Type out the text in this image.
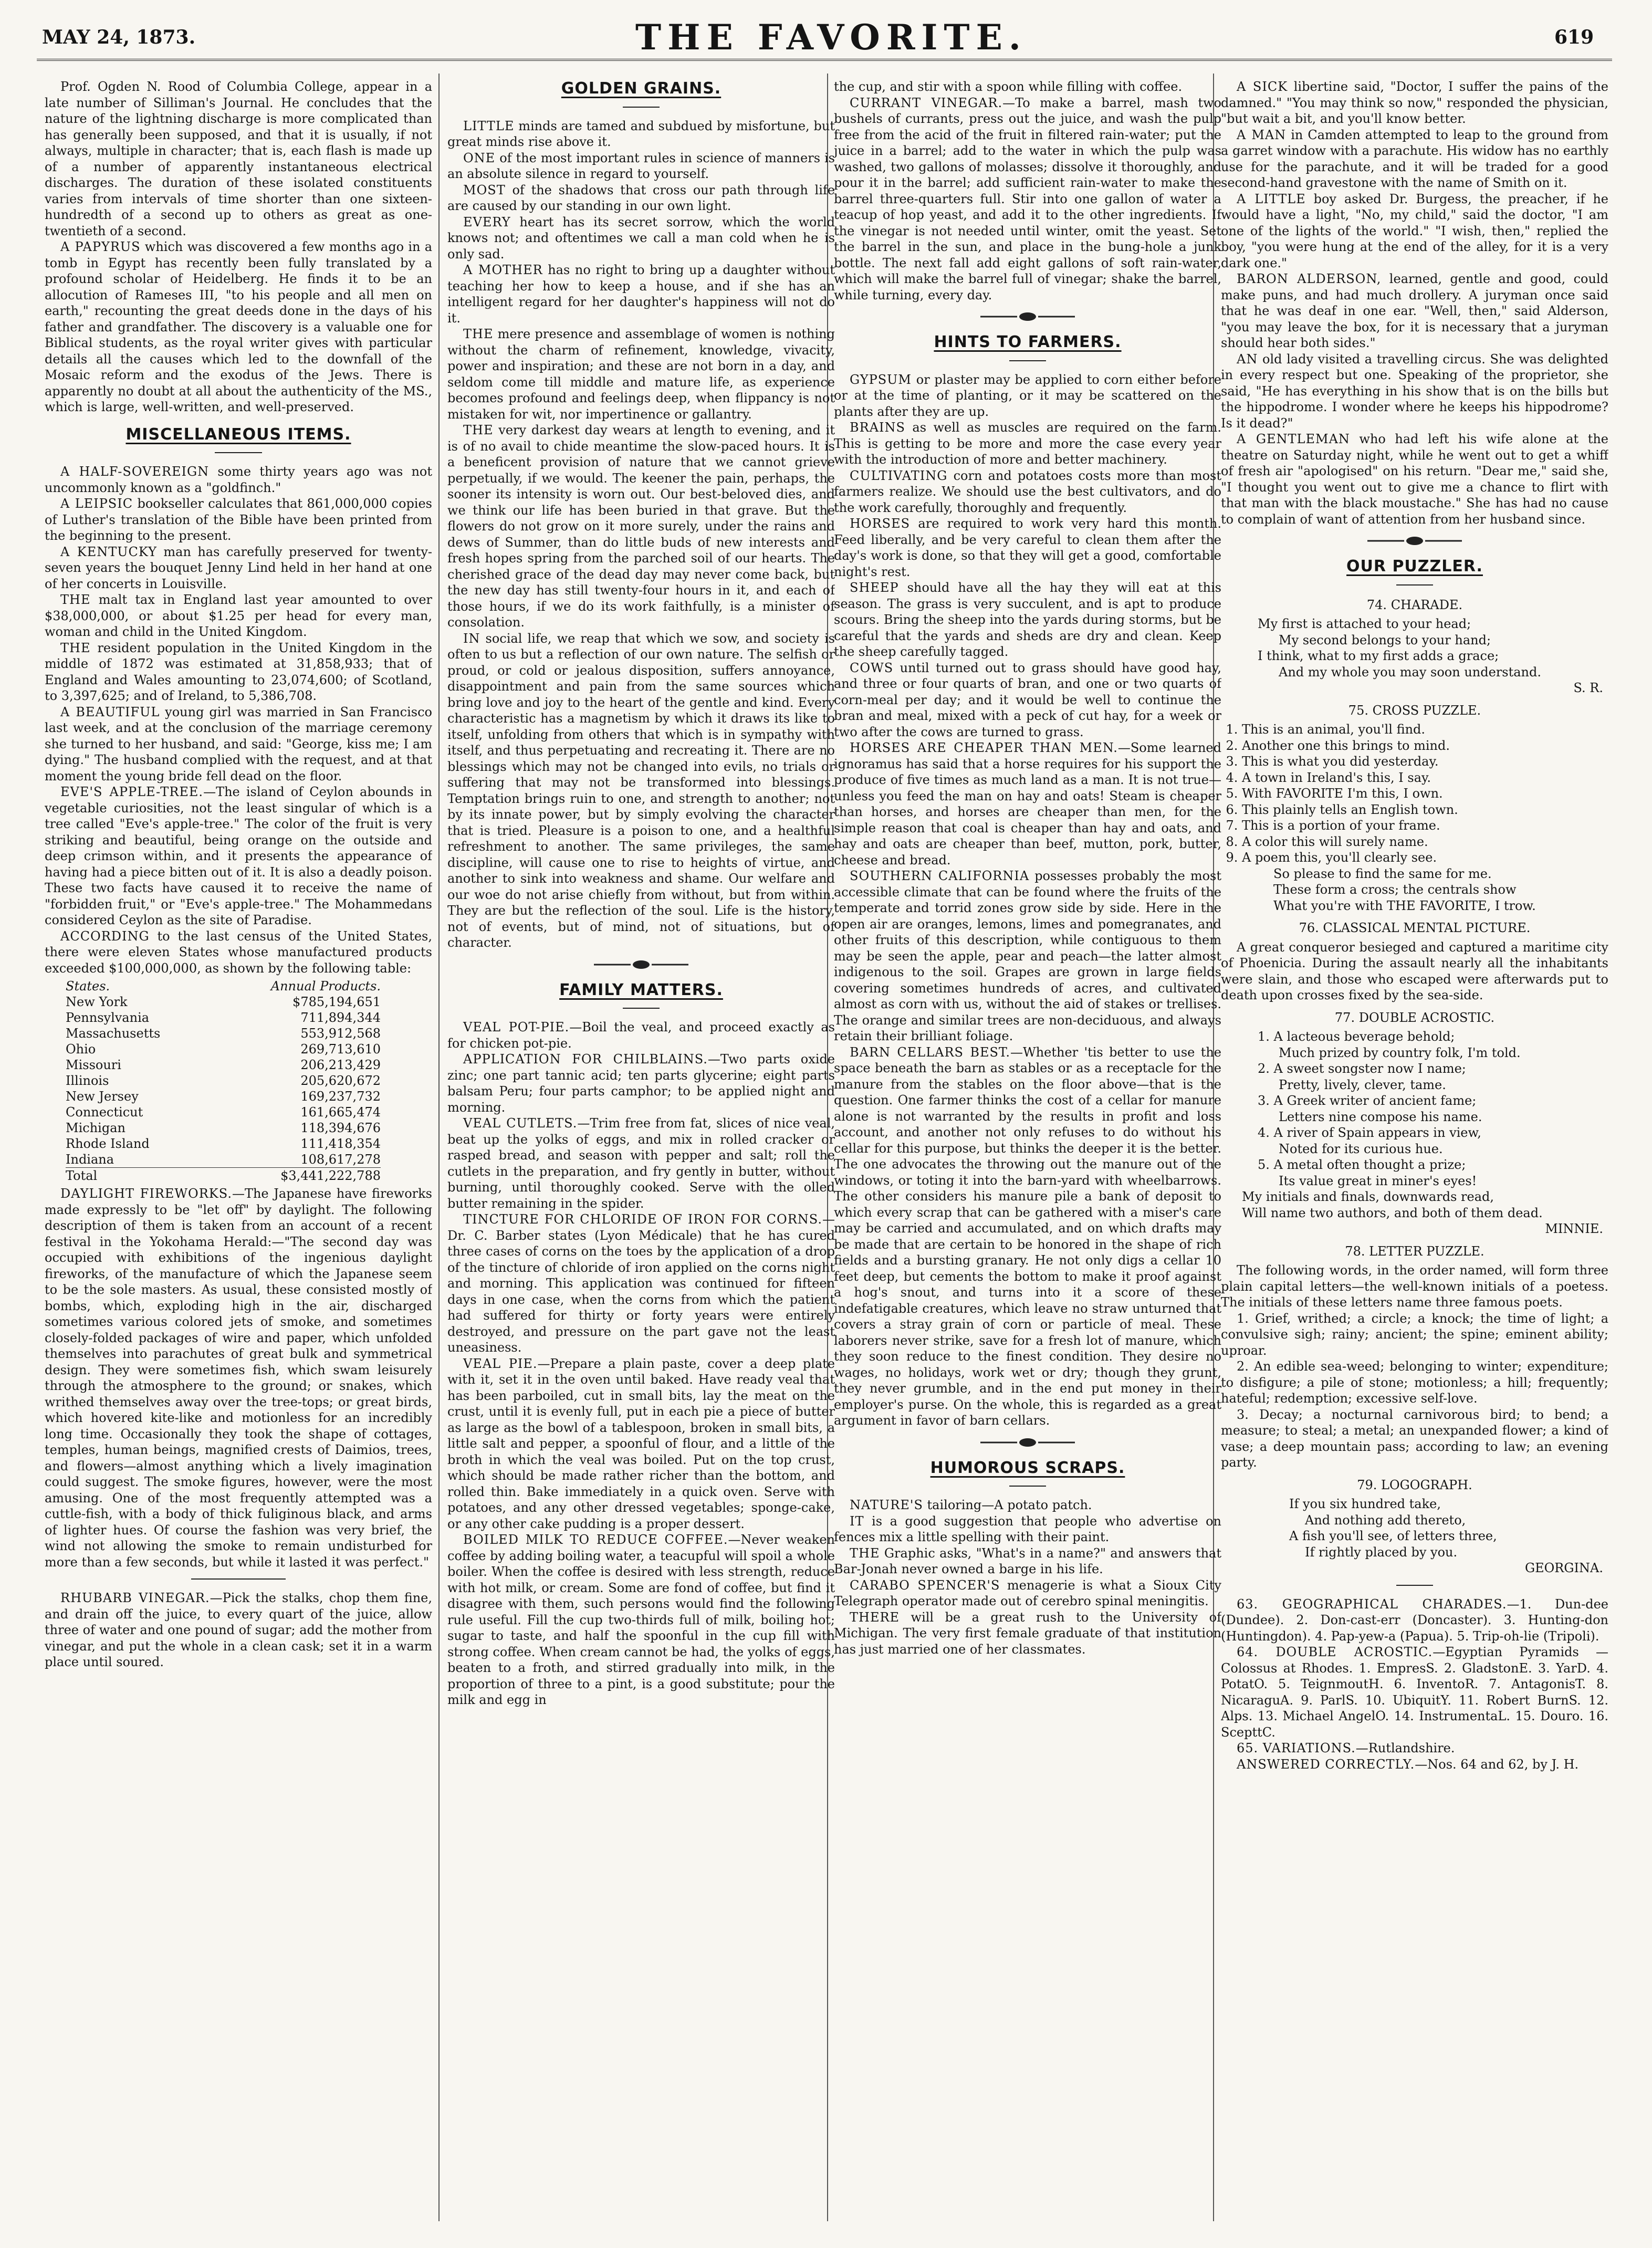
MAY 24, 1873.	THE FAVORITE.	619

Prof. Ogden N. Rood of Columbia College, appear in a late number of Silliman's Journal. He concludes that the nature of the lightning discharge is more complicated than has generally been supposed, and that it is usually, if not always, multiple in character; that is, each flash is made up of a number of apparently instantaneous electrical discharges. The duration of these isolated constituents varies from intervals of time shorter than one sixteen-hundredth of a second up to others as great as one-twentieth of a second.

A PAPYRUS which was discovered a few months ago in a tomb in Egypt has recently been fully translated by a profound scholar of Heidelberg. He finds it to be an allocution of Rameses III, "to his people and all men on earth," recounting the great deeds done in the days of his father and grandfather. The discovery is a valuable one for Biblical students, as the royal writer gives with particular details all the causes which led to the downfall of the Mosaic reform and the exodus of the Jews. There is apparently no doubt at all about the authenticity of the MS., which is large, well-written, and well-preserved.

MISCELLANEOUS ITEMS.

A HALF-SOVEREIGN some thirty years ago was not uncommonly known as a "goldfinch."

A LEIPSIC bookseller calculates that 861,000,000 copies of Luther's translation of the Bible have been printed from the beginning to the present.

A KENTUCKY man has carefully preserved for twenty-seven years the bouquet Jenny Lind held in her hand at one of her concerts in Louisville.

THE malt tax in England last year amounted to over $38,000,000, or about $1.25 per head for every man, woman and child in the United Kingdom.

THE resident population in the United Kingdom in the middle of 1872 was estimated at 31,858,933; that of England and Wales amounting to 23,074,600; of Scotland, to 3,397,625; and of Ireland, to 5,386,708.

A BEAUTIFUL young girl was married in San Francisco last week, and at the conclusion of the marriage ceremony she turned to her husband, and said: "George, kiss me; I am dying." The husband complied with the request, and at that moment the young bride fell dead on the floor.

EVE'S APPLE-TREE.—The island of Ceylon abounds in vegetable curiosities, not the least singular of which is a tree called "Eve's apple-tree." The color of the fruit is very striking and beautiful, being orange on the outside and deep crimson within, and it presents the appearance of having had a piece bitten out of it. It is also a deadly poison. These two facts have caused it to receive the name of "forbidden fruit," or "Eve's apple-tree." The Mohammedans considered Ceylon as the site of Paradise.

ACCORDING to the last census of the United States, there were eleven States whose manufactured products exceeded $100,000,000, as shown by the following table:

States.	Annual Products.
New York	$785,194,651
Pennsylvania	711,894,344
Massachusetts	553,912,568
Ohio	269,713,610
Missouri	206,213,429
Illinois	205,620,672
New Jersey	169,237,732
Connecticut	161,665,474
Michigan	118,394,676
Rhode Island	111,418,354
Indiana	108,617,278
Total	$3,441,222,788

DAYLIGHT FIREWORKS.—The Japanese have fireworks made expressly to be "let off" by daylight. The following description of them is taken from an account of a recent festival in the Yokohama Herald:—"The second day was occupied with exhibitions of the ingenious daylight fireworks, of the manufacture of which the Japanese seem to be the sole masters. As usual, these consisted mostly of bombs, which, exploding high in the air, discharged sometimes various colored jets of smoke, and sometimes closely-folded packages of wire and paper, which unfolded themselves into parachutes of great bulk and symmetrical design. They were sometimes fish, which swam leisurely through the atmosphere to the ground; or snakes, which writhed themselves away over the tree-tops; or great birds, which hovered kite-like and motionless for an incredibly long time. Occasionally they took the shape of cottages, temples, human beings, magnified crests of Daimios, trees, and flowers—almost anything which a lively imagination could suggest. The smoke figures, however, were the most amusing. One of the most frequently attempted was a cuttle-fish, with a body of thick fuliginous black, and arms of lighter hues. Of course the fashion was very brief, the wind not allowing the smoke to remain undisturbed for more than a few seconds, but while it lasted it was perfect."

RHUBARB VINEGAR.—Pick the stalks, chop them fine, and drain off the juice, to every quart of the juice, allow three of water and one pound of sugar; add the mother from vinegar, and put the whole in a clean cask; set it in a warm place until soured.

GOLDEN GRAINS.

LITTLE minds are tamed and subdued by misfortune, but great minds rise above it.

ONE of the most important rules in science of manners is an absolute silence in regard to yourself.

MOST of the shadows that cross our path through life are caused by our standing in our own light.

EVERY heart has its secret sorrow, which the world knows not; and oftentimes we call a man cold when he is only sad.

A MOTHER has no right to bring up a daughter without teaching her how to keep a house, and if she has an intelligent regard for her daughter's happiness will not do it.

THE mere presence and assemblage of women is nothing without the charm of refinement, knowledge, vivacity, power and inspiration; and these are not born in a day, and seldom come till middle and mature life, as experience becomes profound and feelings deep, when flippancy is not mistaken for wit, nor impertinence or gallantry.

THE very darkest day wears at length to evening, and it is of no avail to chide meantime the slow-paced hours. It is a beneficent provision of nature that we cannot grieve perpetually, if we would. The keener the pain, perhaps, the sooner its intensity is worn out. Our best-beloved dies, and we think our life has been buried in that grave. But the flowers do not grow on it more surely, under the rains and dews of Summer, than do little buds of new interests and fresh hopes spring from the parched soil of our hearts. The cherished grace of the dead day may never come back, but the new day has still twenty-four hours in it, and each of those hours, if we do its work faithfully, is a minister of consolation.

IN social life, we reap that which we sow, and society is often to us but a reflection of our own nature. The selfish or proud, or cold or jealous disposition, suffers annoyance, disappointment and pain from the same sources which bring love and joy to the heart of the gentle and kind. Every characteristic has a magnetism by which it draws its like to itself, unfolding from others that which is in sympathy with itself, and thus perpetuating and recreating it. There are no blessings which may not be changed into evils, no trials or suffering that may not be transformed into blessings. Temptation brings ruin to one, and strength to another; not by its innate power, but by simply evolving the character that is tried. Pleasure is a poison to one, and a healthful refreshment to another. The same privileges, the same discipline, will cause one to rise to heights of virtue, and another to sink into weakness and shame. Our welfare and our woe do not arise chiefly from without, but from within. They are but the reflection of the soul. Life is the history, not of events, but of mind, not of situations, but of character.

FAMILY MATTERS.

VEAL POT-PIE.—Boil the veal, and proceed exactly as for chicken pot-pie.

APPLICATION FOR CHILBLAINS.—Two parts oxide zinc; one part tannic acid; ten parts glycerine; eight parts balsam Peru; four parts camphor; to be applied night and morning.

VEAL CUTLETS.—Trim free from fat, slices of nice veal, beat up the yolks of eggs, and mix in rolled cracker or rasped bread, and season with pepper and salt; roll the cutlets in the preparation, and fry gently in butter, without burning, until thoroughly cooked. Serve with the olled butter remaining in the spider.

TINCTURE FOR CHLORIDE OF IRON FOR CORNS.—Dr. C. Barber states (Lyon Médicale) that he has cured three cases of corns on the toes by the application of a drop of the tincture of chloride of iron applied on the corns night and morning. This application was continued for fifteen days in one case, when the corns from which the patient had suffered for thirty or forty years were entirely destroyed, and pressure on the part gave not the least uneasiness.

VEAL PIE.—Prepare a plain paste, cover a deep plate with it, set it in the oven until baked. Have ready veal that has been parboiled, cut in small bits, lay the meat on the crust, until it is evenly full, put in each pie a piece of butter as large as the bowl of a tablespoon, broken in small bits, a little salt and pepper, a spoonful of flour, and a little of the broth in which the veal was boiled. Put on the top crust, which should be made rather richer than the bottom, and rolled thin. Bake immediately in a quick oven. Serve with potatoes, and any other dressed vegetables; sponge-cake, or any other cake pudding is a proper dessert.

BOILED MILK TO REDUCE COFFEE.—Never weaken coffee by adding boiling water, a teacupful will spoil a whole boiler. When the coffee is desired with less strength, reduce with hot milk, or cream. Some are fond of coffee, but find it disagree with them, such persons would find the following rule useful. Fill the cup two-thirds full of milk, boiling hot; sugar to taste, and half the spoonful in the cup fill with strong coffee. When cream cannot be had, the yolks of eggs, beaten to a froth, and stirred gradually into milk, in the proportion of three to a pint, is a good substitute; pour the milk and egg in

the cup, and stir with a spoon while filling with coffee.

CURRANT VINEGAR.—To make a barrel, mash two bushels of currants, press out the juice, and wash the pulp free from the acid of the fruit in filtered rain-water; put the juice in a barrel; add to the water in which the pulp was washed, two gallons of molasses; dissolve it thoroughly, and pour it in the barrel; add sufficient rain-water to make the barrel three-quarters full. Stir into one gallon of water a teacup of hop yeast, and add it to the other ingredients. If the vinegar is not needed until winter, omit the yeast. Set the barrel in the sun, and place in the bung-hole a junk bottle. The next fall add eight gallons of soft rain-water, which will make the barrel full of vinegar; shake the barrel, while turning, every day.

HINTS TO FARMERS.

GYPSUM or plaster may be applied to corn either before or at the time of planting, or it may be scattered on the plants after they are up.

BRAINS as well as muscles are required on the farm. This is getting to be more and more the case every year with the introduction of more and better machinery.

CULTIVATING corn and potatoes costs more than most farmers realize. We should use the best cultivators, and do the work carefully, thoroughly and frequently.

HORSES are required to work very hard this month. Feed liberally, and be very careful to clean them after the day's work is done, so that they will get a good, comfortable night's rest.

SHEEP should have all the hay they will eat at this season. The grass is very succulent, and is apt to produce scours. Bring the sheep into the yards during storms, but be careful that the yards and sheds are dry and clean. Keep the sheep carefully tagged.

COWS until turned out to grass should have good hay, and three or four quarts of bran, and one or two quarts of corn-meal per day; and it would be well to continue the bran and meal, mixed with a peck of cut hay, for a week or two after the cows are turned to grass.

HORSES ARE CHEAPER THAN MEN.—Some learned ignoramus has said that a horse requires for his support the produce of five times as much land as a man. It is not true—unless you feed the man on hay and oats! Steam is cheaper than horses, and horses are cheaper than men, for the simple reason that coal is cheaper than hay and oats, and hay and oats are cheaper than beef, mutton, pork, butter, cheese and bread.

SOUTHERN CALIFORNIA possesses probably the most accessible climate that can be found where the fruits of the temperate and torrid zones grow side by side. Here in the open air are oranges, lemons, limes and pomegranates, and other fruits of this description, while contiguous to them may be seen the apple, pear and peach—the latter almost indigenous to the soil. Grapes are grown in large fields covering sometimes hundreds of acres, and cultivated almost as corn with us, without the aid of stakes or trellises. The orange and similar trees are non-deciduous, and always retain their brilliant foliage.

BARN CELLARS BEST.—Whether 'tis better to use the space beneath the barn as stables or as a receptacle for the manure from the stables on the floor above—that is the question. One farmer thinks the cost of a cellar for manure alone is not warranted by the results in profit and loss account, and another not only refuses to do without his cellar for this purpose, but thinks the deeper it is the better. The one advocates the throwing out the manure out of the windows, or toting it into the barn-yard with wheelbarrows. The other considers his manure pile a bank of deposit to which every scrap that can be gathered with a miser's care may be carried and accumulated, and on which drafts may be made that are certain to be honored in the shape of rich fields and a bursting granary. He not only digs a cellar 10 feet deep, but cements the bottom to make it proof against a hog's snout, and turns into it a score of these indefatigable creatures, which leave no straw unturned that covers a stray grain of corn or particle of meal. These laborers never strike, save for a fresh lot of manure, which they soon reduce to the finest condition. They desire no wages, no holidays, work wet or dry; though they grunt, they never grumble, and in the end put money in their employer's purse. On the whole, this is regarded as a great argument in favor of barn cellars.

HUMOROUS SCRAPS.

NATURE'S tailoring—A potato patch.

IT is a good suggestion that people who advertise on fences mix a little spelling with their paint.

THE Graphic asks, "What's in a name?" and answers that Bar-Jonah never owned a barge in his life.

CARABO SPENCER'S menagerie is what a Sioux City Telegraph operator made out of cerebro spinal meningitis.

THERE will be a great rush to the University of Michigan. The very first female graduate of that institution has just married one of her classmates.

A SICK libertine said, "Doctor, I suffer the pains of the damned." "You may think so now," responded the physician, "but wait a bit, and you'll know better.

A MAN in Camden attempted to leap to the ground from a garret window with a parachute. His widow has no earthly use for the parachute, and it will be traded for a good second-hand gravestone with the name of Smith on it.

A LITTLE boy asked Dr. Burgess, the preacher, if he would have a light, "No, my child," said the doctor, "I am one of the lights of the world." "I wish, then," replied the boy, "you were hung at the end of the alley, for it is a very dark one."

BARON ALDERSON, learned, gentle and good, could make puns, and had much drollery. A juryman once said that he was deaf in one ear. "Well, then," said Alderson, "you may leave the box, for it is necessary that a juryman should hear both sides."

AN old lady visited a travelling circus. She was delighted in every respect but one. Speaking of the proprietor, she said, "He has everything in his show that is on the bills but the hippodrome. I wonder where he keeps his hippodrome? Is it dead?"

A GENTLEMAN who had left his wife alone at the theatre on Saturday night, while he went out to get a whiff of fresh air "apologised" on his return. "Dear me," said she, "I thought you went out to give me a chance to flirt with that man with the black moustache." She has had no cause to complain of want of attention from her husband since.

OUR PUZZLER.
74. CHARADE.

My first is attached to your head;

My second belongs to your hand;

I think, what to my first adds a grace;

And my whole you may soon understand.

S. R.
75. CROSS PUZZLE.
1. This is an animal, you'll find.
2. Another one this brings to mind.
3. This is what you did yesterday.
4. A town in Ireland's this, I say.
5. With FAVORITE I'm this, I own.
6. This plainly tells an English town.
7. This is a portion of your frame.
8. A color this will surely name.
9. A poem this, you'll clearly see.

So please to find the same for me.

These form a cross; the centrals show

What you're with THE FAVORITE, I trow.

76. CLASSICAL MENTAL PICTURE.

A great conqueror besieged and captured a maritime city of Phoenicia. During the assault nearly all the inhabitants were slain, and those who escaped were afterwards put to death upon crosses fixed by the sea-side.

77. DOUBLE ACROSTIC.

1. A lacteous beverage behold;

Much prized by country folk, I'm told.

2. A sweet songster now I name;

Pretty, lively, clever, tame.

3. A Greek writer of ancient fame;

Letters nine compose his name.

4. A river of Spain appears in view,

Noted for its curious hue.

5. A metal often thought a prize;

Its value great in miner's eyes!

My initials and finals, downwards read,

Will name two authors, and both of them dead.

MINNIE.
78. LETTER PUZZLE.

The following words, in the order named, will form three plain capital letters—the well-known initials of a poetess. The initials of these letters name three famous poets.

1. Grief, writhed; a circle; a knock; the time of light; a convulsive sigh; rainy; ancient; the spine; eminent ability; uproar.

2. An edible sea-weed; belonging to winter; expenditure; to disfigure; a pile of stone; motionless; a hill; frequently; hateful; redemption; excessive self-love.

3. Decay; a nocturnal carnivorous bird; to bend; a measure; to steal; a metal; an unexpanded flower; a kind of vase; a deep mountain pass; according to law; an evening party.

79. LOGOGRAPH.

If you six hundred take,

And nothing add thereto,

A fish you'll see, of letters three,

If rightly placed by you.

GEORGINA.

63. GEOGRAPHICAL CHARADES.—1. Dun-dee (Dundee). 2. Don-cast-err (Doncaster). 3. Hunting-don (Huntingdon). 4. Pap-yew-a (Papua). 5. Trip-oh-lie (Tripoli).

64. DOUBLE ACROSTIC.—Egyptian Pyramids —Colossus at Rhodes. 1. EmpresS. 2. GladstonE. 3. YarD. 4. PotatO. 5. TeignmoutH. 6. InventoR. 7. AntagonisT. 8. NicaraguA. 9. ParlS. 10. UbiquitY. 11. Robert BurnS. 12. Alps. 13. Michael AngelO. 14. InstrumentaL. 15. Douro. 16. ScepttC.

65. VARIATIONS.—Rutlandshire.

ANSWERED CORRECTLY.—Nos. 64 and 62, by J. H.
